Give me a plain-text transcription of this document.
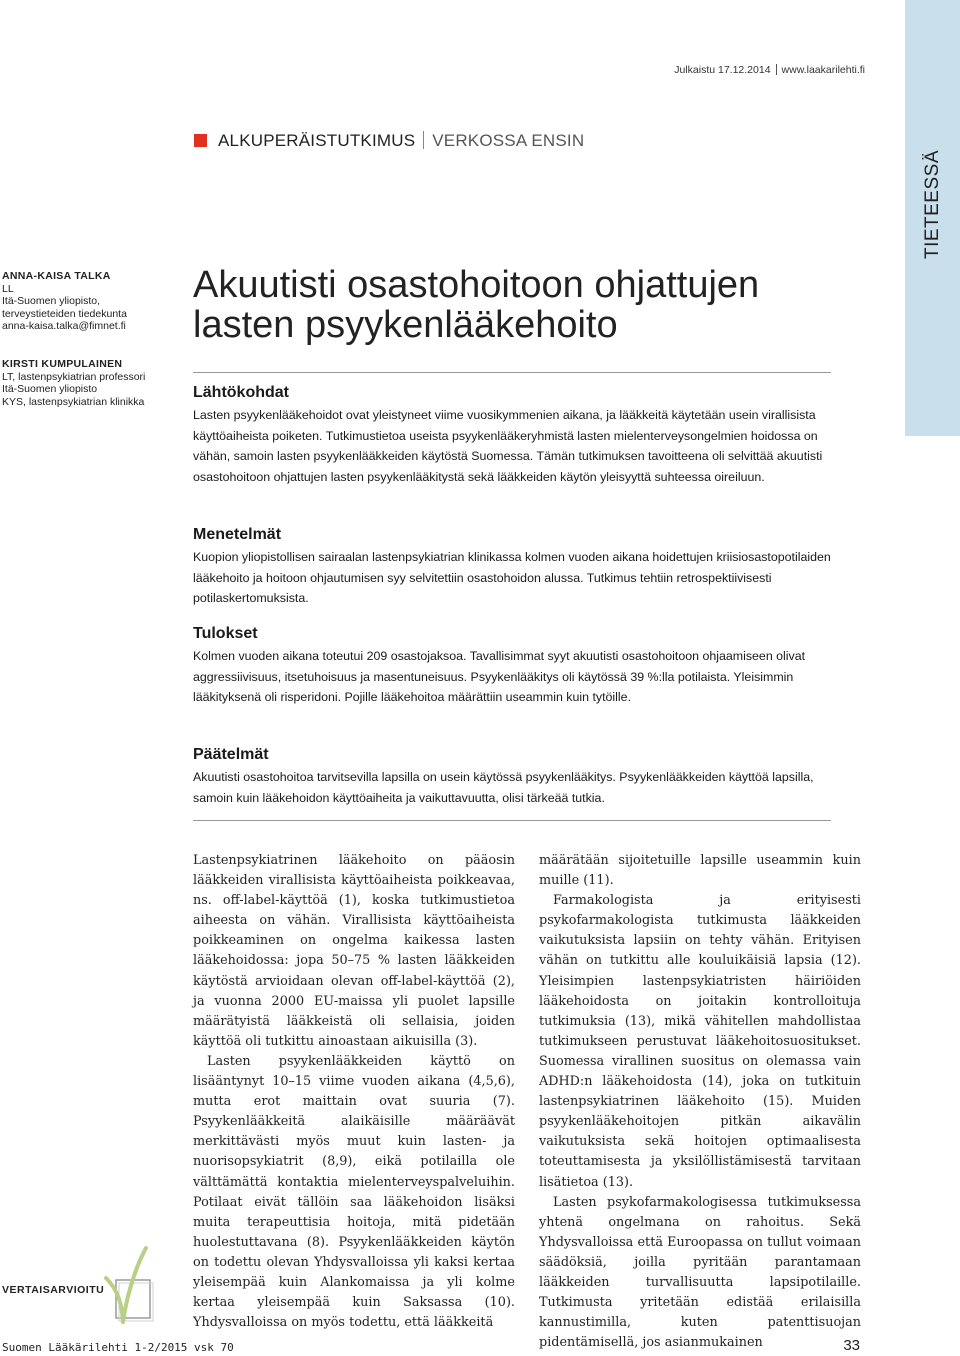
TIETEESSÄ
Julkaistu 17.12.2014 www.laakarilehti.fi
ALKUPERÄISTUTKIMUS VERKOSSA ENSIN
ANNA-KAISA TALKA
LL
Itä-Suomen yliopisto,
terveystieteiden tiedekunta
anna-kaisa.talka@fimnet.fi
KIRSTI KUMPULAINEN
LT, lastenpsykiatrian professori
Itä-Suomen yliopisto
KYS, lastenpsykiatrian klinikka
Akuutisti osastohoitoon ohjattujen
lasten psyykenlääkehoito
Lähtökohdat
Lasten psyykenlääkehoidot ovat yleistyneet viime vuosikymmenien aikana, ja lääkkeitä käytetään usein virallisista käyttöaiheista poiketen. Tutkimustietoa useista psyykenlääkeryhmistä lasten mielenterveysongelmien hoidossa on vähän, samoin lasten psyykenlääkkeiden käytöstä Suomessa. Tämän tutkimuksen tavoitteena oli selvittää akuutisti osastohoitoon ohjattujen lasten psyykenlääkitystä sekä lääkkeiden käytön yleisyyttä suhteessa oireiluun.
Menetelmät
Kuopion yliopistollisen sairaalan lastenpsykiatrian klinikassa kolmen vuoden aikana hoidettujen kriisiosastopotilaiden lääkehoito ja hoitoon ohjautumisen syy selvitettiin osastohoidon alussa. Tutkimus tehtiin retrospektiivisesti potilaskertomuksista.
Tulokset
Kolmen vuoden aikana toteutui 209 osastojaksoa. Tavallisimmat syyt akuutisti osastohoitoon ohjaamiseen olivat aggressiivisuus, itsetuhoisuus ja masentuneisuus. Psyykenlääkitys oli käytössä 39 %:lla potilaista. Yleisimmin lääkityksenä oli risperidoni. Pojille lääkehoitoa määrättiin useammin kuin tytöille.
Päätelmät
Akuutisti osastohoitoa tarvitsevilla lapsilla on usein käytössä psyykenlääkitys. Psyykenlääkkeiden käyttöä lapsilla, samoin kuin lääkehoidon käyttöaiheita ja vaikuttavuutta, olisi tärkeää tutkia.

Lastenpsykiatrinen lääkehoito on pääosin lääkkeiden virallisista käyttöaiheista poikkeavaa, ns. off-label-käyttöä (1), koska tutkimustietoa aiheesta on vähän. Virallisista käyttöaiheista poikkeaminen on ongelma kaikessa lasten lääkehoidossa: jopa 50–75 % lasten lääkkeiden käytöstä arvioidaan olevan off-label-käyttöä (2), ja vuonna 2000 EU-maissa yli puolet lapsille määrätyistä lääkkeistä oli sellaisia, joiden käyttöä oli tutkittu ainoastaan aikuisilla (3).

Lasten psyykenlääkkeiden käyttö on lisääntynyt 10–15 viime vuoden aikana (4,5,6), mutta erot maittain ovat suuria (7). Psyykenlääkkeitä alaikäisille määräävät merkittävästi myös muut kuin lasten- ja nuorisopsykiatrit (8,9), eikä potilailla ole välttämättä kontaktia mielenterveyspalveluihin. Potilaat eivät tällöin saa lääkehoidon lisäksi muita terapeuttisia hoitoja, mitä pidetään huolestuttavana (8). Psyykenlääkkeiden käytön on todettu olevan Yhdysvalloissa yli kaksi kertaa yleisempää kuin Alankomaissa ja yli kolme kertaa yleisempää kuin Saksassa (10). Yhdysvalloissa on myös todettu, että lääkkeitä

määrätään sijoitetuille lapsille useammin kuin muille (11).

Farmakologista ja erityisesti psykofarmakologista tutkimusta lääkkeiden vaikutuksista lapsiin on tehty vähän. Erityisen vähän on tutkittu alle kouluikäisiä lapsia (12). Yleisimpien lastenpsykiatristen häiriöiden lääkehoidosta on joitakin kontrolloituja tutkimuksia (13), mikä vähitellen mahdollistaa tutkimukseen perustuvat lääkehoitosuositukset. Suomessa virallinen suositus on olemassa vain ADHD:n lääkehoidosta (14), joka on tutkituin lastenpsykiatrinen lääkehoito (15). Muiden psyykenlääkehoitojen pitkän aikavälin vaikutuksista sekä hoitojen optimaalisesta toteuttamisesta ja yksilöllistämisestä tarvitaan lisätietoa (13).

Lasten psykofarmakologisessa tutkimuksessa yhtenä ongelmana on rahoitus. Sekä Yhdysvalloissa että Euroopassa on tullut voimaan säädöksiä, joilla pyritään parantamaan lääkkeiden turvallisuutta lapsipotilaille. Tutkimusta yritetään edistää erilaisilla kannustimilla, kuten patenttisuojan pidentämisellä, jos asianmukainen

VERTAISARVIOITU
Suomen Lääkärilehti 1-2/2015 vsk 70	33
